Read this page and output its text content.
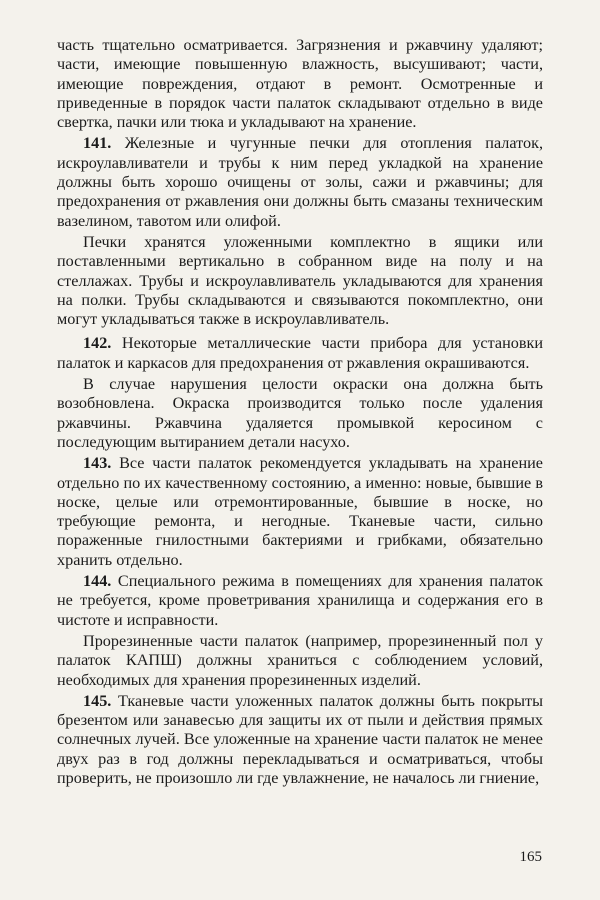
часть тщательно осматривается. Загрязнения и ржавчину удаляют; части, имеющие повышенную влажность, высушивают; части, имеющие повреждения, отдают в ремонт. Осмотренные и приведенные в порядок части палаток складывают отдельно в виде свертка, пачки или тюка и укладывают на хранение.

141. Железные и чугунные печки для отопления палаток, искроулавливатели и трубы к ним перед укладкой на хранение должны быть хорошо очищены от золы, сажи и ржавчины; для предохранения от ржавления они должны быть смазаны техническим вазелином, тавотом или олифой.

Печки хранятся уложенными комплектно в ящики или поставленными вертикально в собранном виде на полу и на стеллажах. Трубы и искроулавливатель укладываются для хранения на полки. Трубы складываются и связываются покомплектно, они могут укладываться также в искроулавливатель.

142. Некоторые металлические части прибора для установки палаток и каркасов для предохранения от ржавления окрашиваются.

В случае нарушения целости окраски она должна быть возобновлена. Окраска производится только после удаления ржавчины. Ржавчина удаляется промывкой керосином с последующим вытиранием детали насухо.

143. Все части палаток рекомендуется укладывать на хранение отдельно по их качественному состоянию, а именно: новые, бывшие в носке, целые или отремонтированные, бывшие в носке, но требующие ремонта, и негодные. Тканевые части, сильно пораженные гнилостными бактериями и грибками, обязательно хранить отдельно.

144. Специального режима в помещениях для хранения палаток не требуется, кроме проветривания хранилища и содержания его в чистоте и исправности.

Прорезиненные части палаток (например, прорезиненный пол у палаток КАПШ) должны храниться с соблюдением условий, необходимых для хранения прорезиненных изделий.

145. Тканевые части уложенных палаток должны быть покрыты брезентом или занавесью для защиты их от пыли и действия прямых солнечных лучей. Все уложенные на хранение части палаток не менее двух раз в год должны перекладываться и осматриваться, чтобы проверить, не произошло ли где увлажнение, не началось ли гниение,

165
